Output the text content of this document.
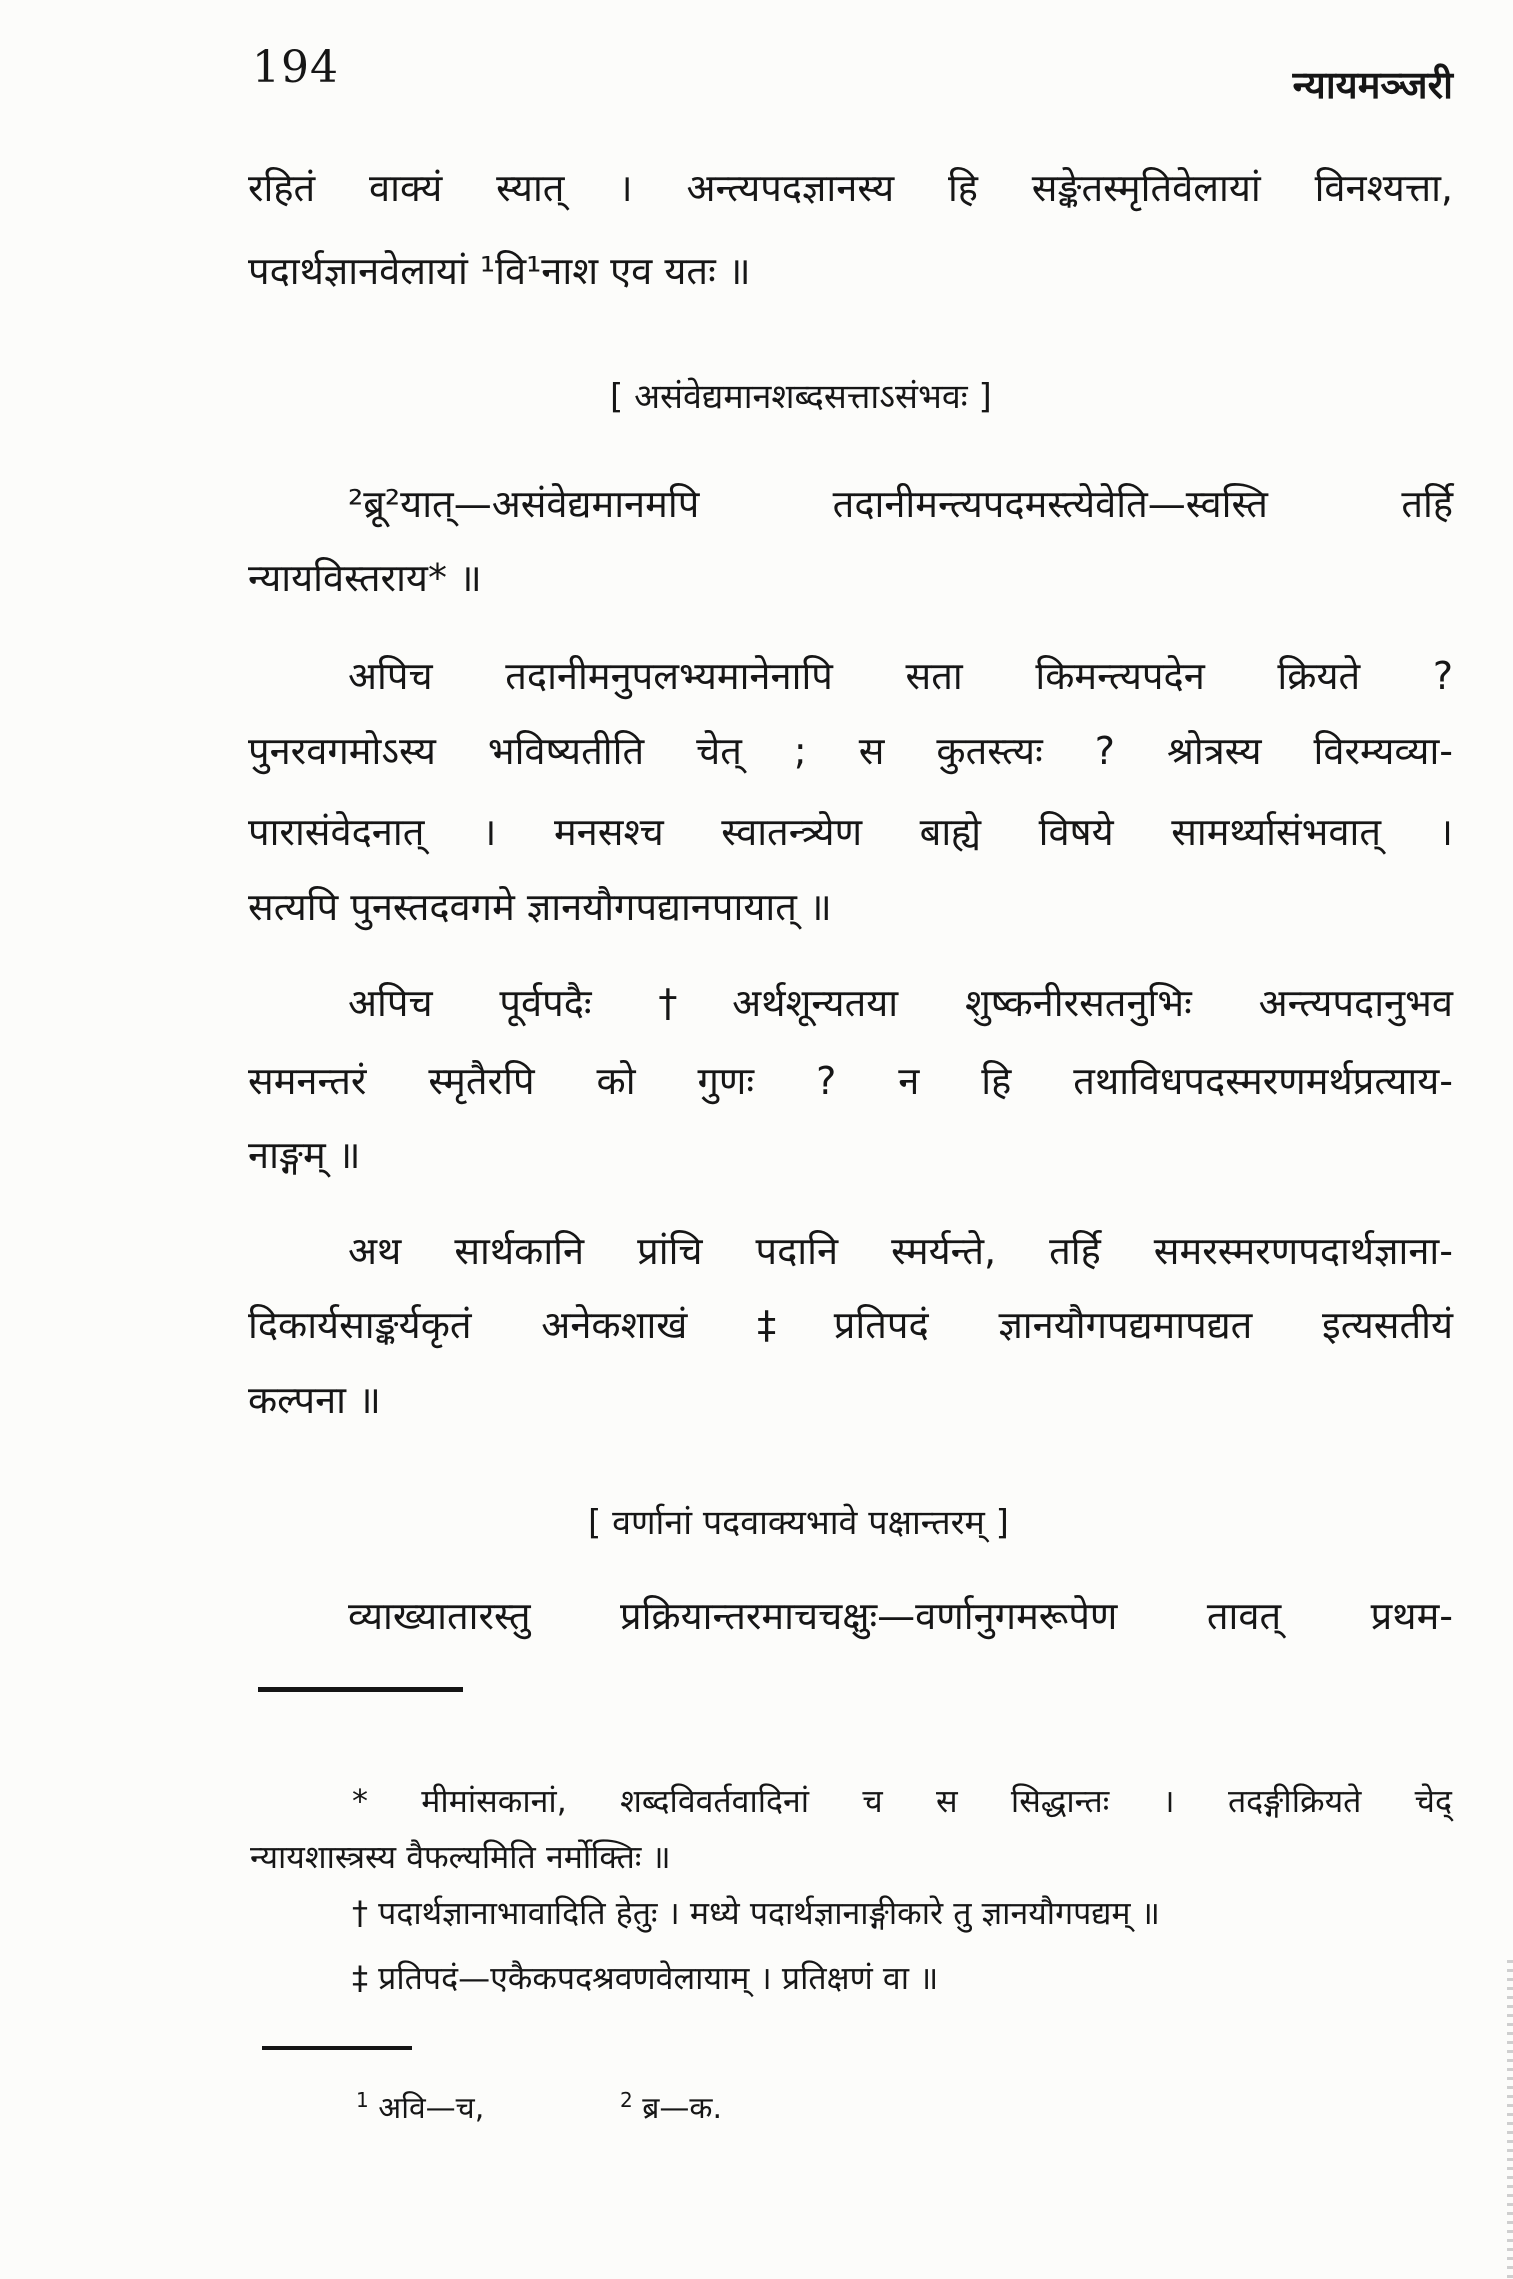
194	न्यायमञ्जरी
रहितं वाक्यं स्यात् । अन्त्यपदज्ञानस्य हि सङ्केतस्मृतिवेलायां विनश्यत्ता,
पदार्थज्ञानवेलायां ¹वि¹नाश एव यतः ॥
[ असंवेद्यमानशब्दसत्ताऽसंभवः ]
²ब्रू²यात्—असंवेद्यमानमपि तदानीमन्त्यपदमस्त्येवेति—स्वस्ति तर्हि
न्यायविस्तराय* ॥
अपिच तदानीमनुपलभ्यमानेनापि सता किमन्त्यपदेन क्रियते ?
पुनरवगमोऽस्य भविष्यतीति चेत् ; स कुतस्त्यः ? श्रोत्रस्य विरम्यव्या-
पारासंवेदनात् । मनसश्च स्वातन्त्र्येण बाह्ये विषये सामर्थ्यासंभवात् ।
सत्यपि पुनस्तदवगमे ज्ञानयौगपद्यानपायात् ॥
अपिच पूर्वपदैः †अर्थशून्यतया शुष्कनीरसतनुभिः अन्त्यपदानुभव
समनन्तरं स्मृतैरपि को गुणः ? न हि तथाविधपदस्मरणमर्थप्रत्याय-
नाङ्गम् ॥
अथ सार्थकानि प्रांचि पदानि स्मर्यन्ते, तर्हि समरस्मरणपदार्थज्ञाना-
दिकार्यसाङ्कर्यकृतं अनेकशाखं ‡प्रतिपदं ज्ञानयौगपद्यमापद्यत इत्यसतीयं
कल्पना ॥
[ वर्णानां पदवाक्यभावे पक्षान्तरम् ]
व्याख्यातारस्तु प्रक्रियान्तरमाचचक्षुः—वर्णानुगमरूपेण तावत् प्रथम-
* मीमांसकानां, शब्दविवर्तवादिनां च स सिद्धान्तः । तदङ्गीक्रियते चेद्
न्यायशास्त्रस्य वैफल्यमिति नर्मोक्तिः ॥
† पदार्थज्ञानाभावादिति हेतुः । मध्ये पदार्थज्ञानाङ्गीकारे तु ज्ञानयौगपद्यम् ॥
‡ प्रतिपदं—एकैकपदश्रवणवेलायाम् । प्रतिक्षणं वा ॥
$^1$ अवि—च,	$^2$ ब्र—क.
